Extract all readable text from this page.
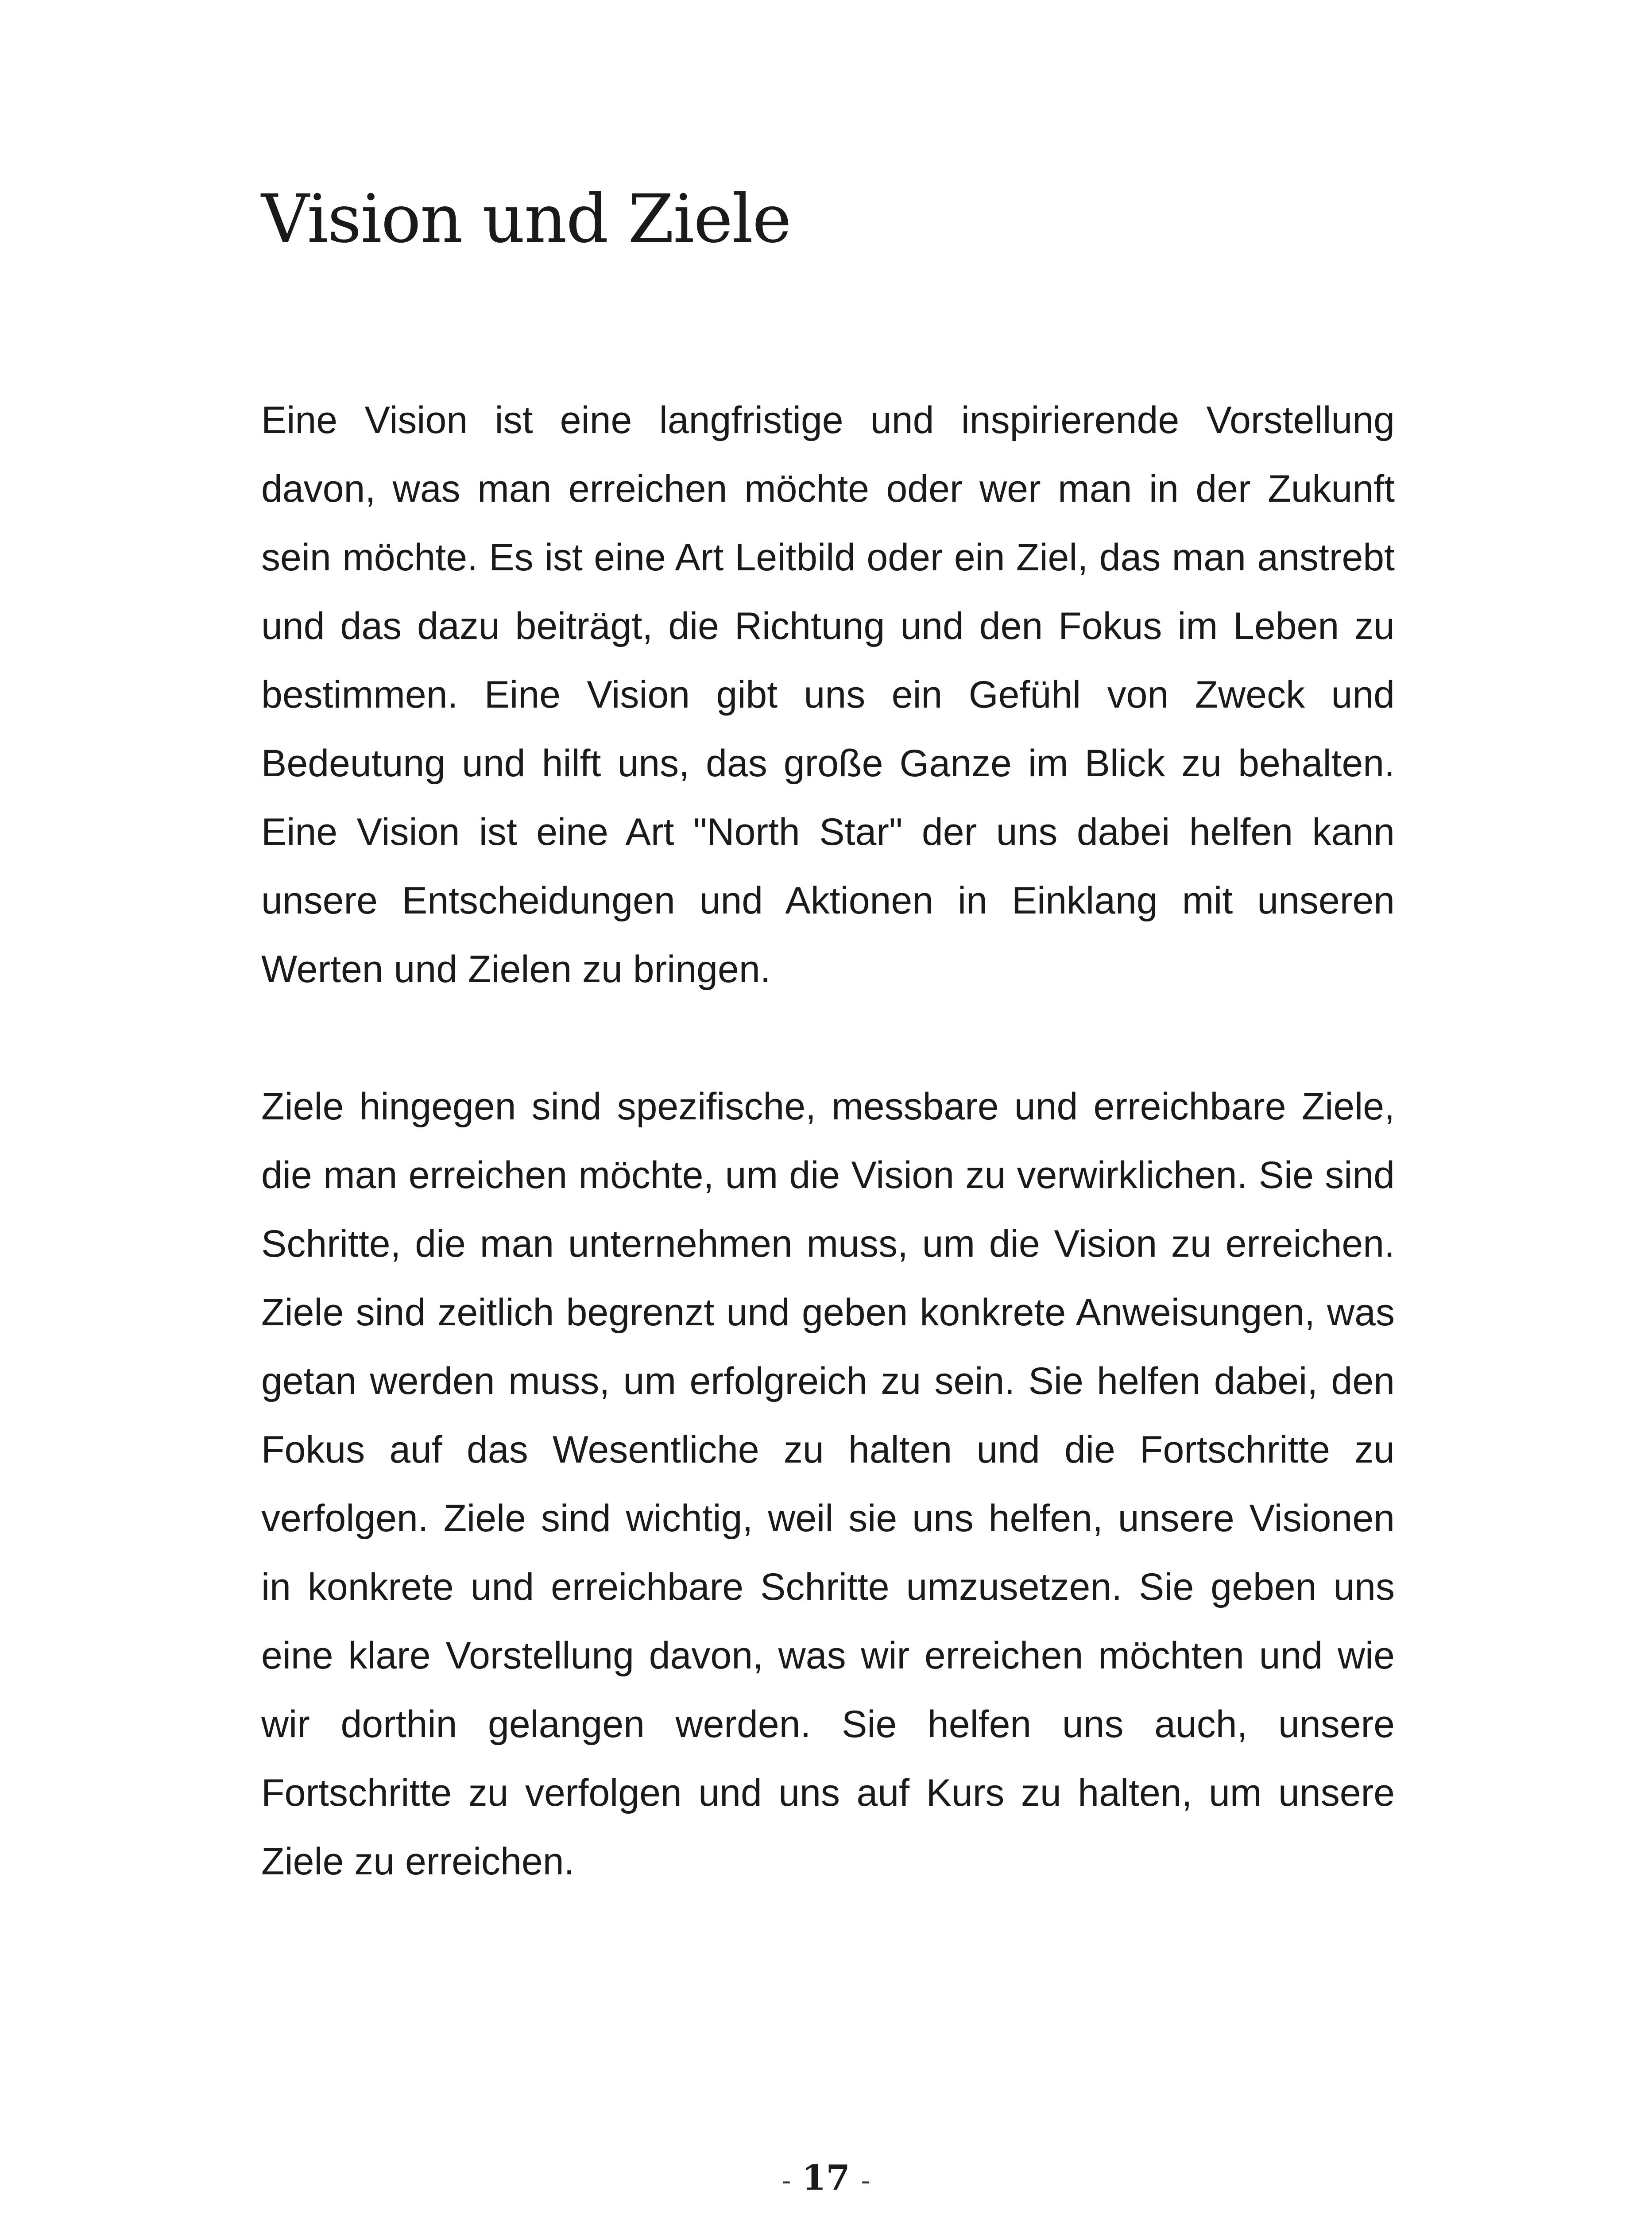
Vision und Ziele

Eine Vision ist eine langfristige und inspirierende Vorstellung davon, was man erreichen möchte oder wer man in der Zukunft sein möchte. Es ist eine Art Leitbild oder ein Ziel, das man anstrebt und das dazu beiträgt, die Richtung und den Fokus im Leben zu bestimmen. Eine Vision gibt uns ein Gefühl von Zweck und Bedeutung und hilft uns, das große Ganze im Blick zu behalten. Eine Vision ist eine Art "North Star" der uns dabei helfen kann unsere Entscheidungen und Aktionen in Einklang mit unseren Werten und Zielen zu bringen.

Ziele hingegen sind spezifische, messbare und erreichbare Ziele, die man erreichen möchte, um die Vision zu verwirklichen. Sie sind Schritte, die man unternehmen muss, um die Vision zu erreichen. Ziele sind zeitlich begrenzt und geben konkrete Anweisungen, was getan werden muss, um erfolgreich zu sein. Sie helfen dabei, den Fokus auf das Wesentliche zu halten und die Fortschritte zu verfolgen. Ziele sind wichtig, weil sie uns helfen, unsere Visionen in konkrete und erreichbare Schritte umzusetzen. Sie geben uns eine klare Vorstellung davon, was wir erreichen möchten und wie wir dorthin gelangen werden. Sie helfen uns auch, unsere Fortschritte zu verfolgen und uns auf Kurs zu halten, um unsere Ziele zu erreichen.

- 17 -
